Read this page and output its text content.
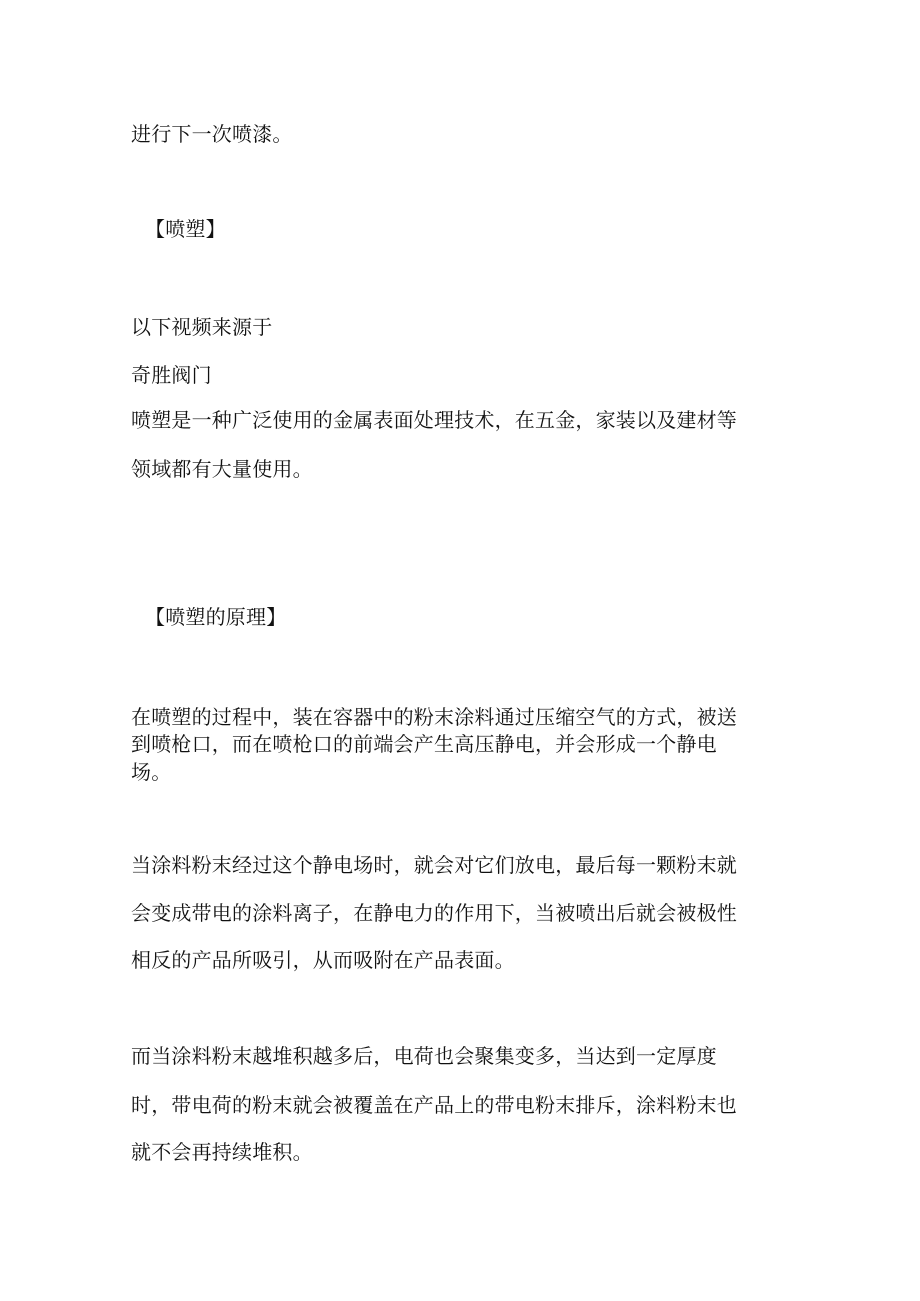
进行下一次喷漆。
【喷塑】
以下视频来源于
奇胜阀门
喷塑是一种广泛使用的金属表面处理技术，在五金，家装以及建材等
领域都有大量使用。
【喷塑的原理】
在喷塑的过程中，装在容器中的粉末涂料通过压缩空气的方式，被送
到喷枪口，而在喷枪口的前端会产生高压静电，并会形成一个静电
场。
当涂料粉末经过这个静电场时，就会对它们放电，最后每一颗粉末就
会变成带电的涂料离子，在静电力的作用下，当被喷出后就会被极性
相反的产品所吸引，从而吸附在产品表面。
而当涂料粉末越堆积越多后，电荷也会聚集变多，当达到一定厚度
时，带电荷的粉末就会被覆盖在产品上的带电粉末排斥，涂料粉末也
就不会再持续堆积。
